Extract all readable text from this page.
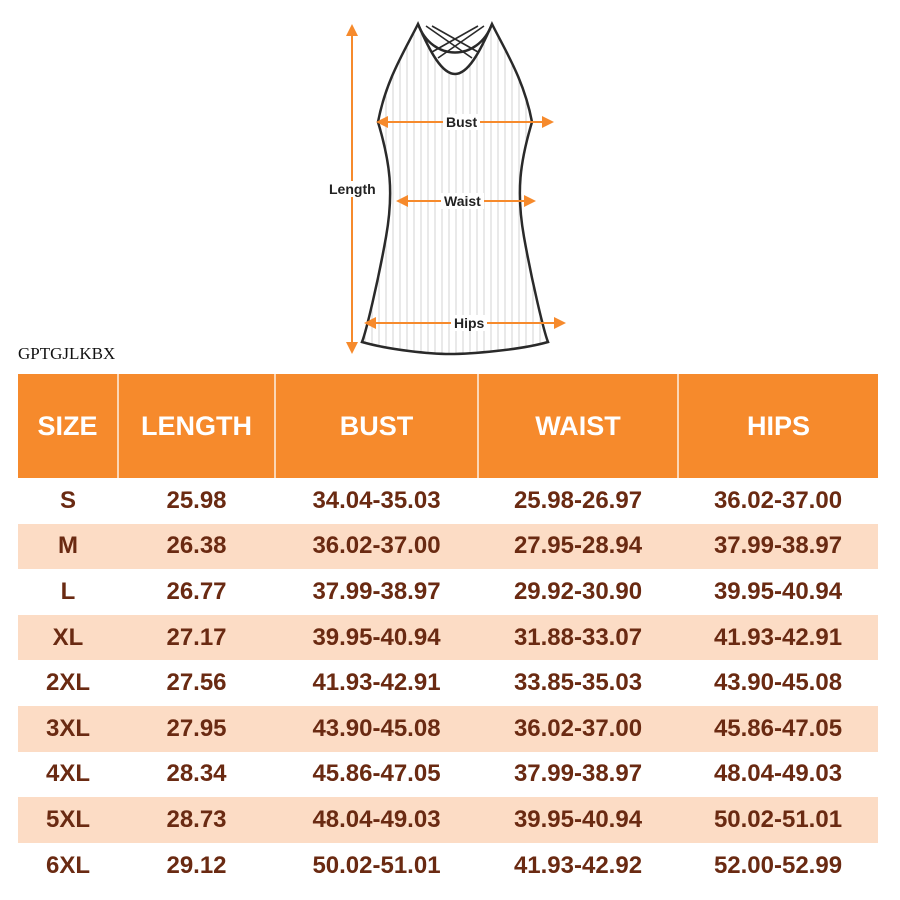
Bust
Waist
Length
Hips
GPTGJLKBX
SIZE	LENGTH	BUST	WAIST	HIPS
S	25.98	34.04-35.03	25.98-26.97	36.02-37.00
M	26.38	36.02-37.00	27.95-28.94	37.99-38.97
L	26.77	37.99-38.97	29.92-30.90	39.95-40.94
XL	27.17	39.95-40.94	31.88-33.07	41.93-42.91
2XL	27.56	41.93-42.91	33.85-35.03	43.90-45.08
3XL	27.95	43.90-45.08	36.02-37.00	45.86-47.05
4XL	28.34	45.86-47.05	37.99-38.97	48.04-49.03
5XL	28.73	48.04-49.03	39.95-40.94	50.02-51.01
6XL	29.12	50.02-51.01	41.93-42.92	52.00-52.99
